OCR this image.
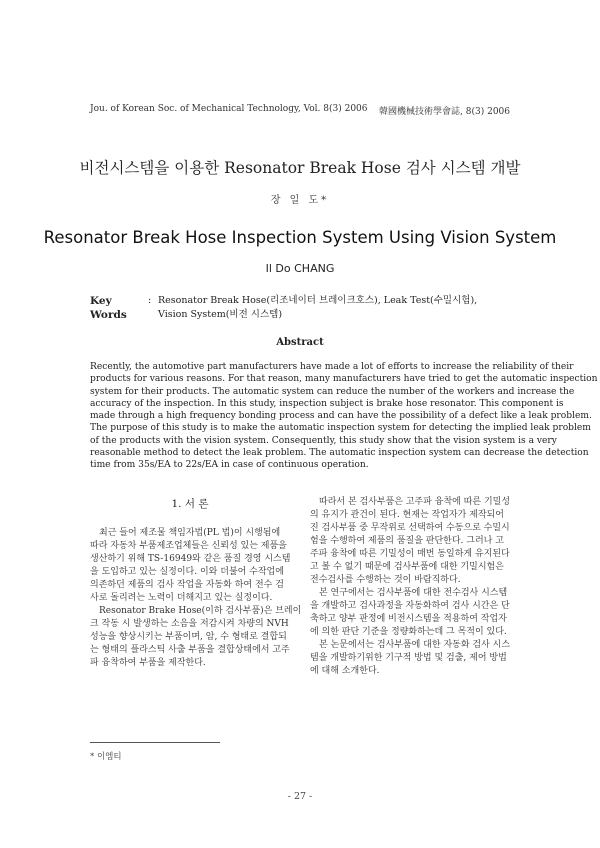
Jou. of Korean Soc. of Mechanical Technology, Vol. 8(3) 2006 韓國機械技術學會誌, 8(3) 2006
비전시스템을 이용한 Resonator Break Hose 검사 시스템 개발
장 일 도*
Resonator Break Hose Inspection System Using Vision System
Il Do CHANG
Key Words: Resonator Break Hose(리조네이터 브레이크호스), Leak Test(수밀시험),
Vision System(비전 시스템)
Abstract
Recently, the automotive part manufacturers have made a lot of efforts to increase the reliability of their
products for various reasons. For that reason, many manufacturers have tried to get the automatic inspection
system for their products. The automatic system can reduce the number of the workers and increase the
accuracy of the inspection. In this study, inspection subject is brake hose resonator. This component is
made through a high frequency bonding process and can have the possibility of a defect like a leak problem.
The purpose of this study is to make the automatic inspection system for detecting the implied leak problem
of the products with the vision system. Consequently, this study show that the vision system is a very
reasonable method to detect the leak problem. The automatic inspection system can decrease the detection
time from 35s/EA to 22s/EA in case of continuous operation.
1. 서 론
최근 들어 제조물 책임자법(PL 법)이 시행됨에
따라 자동차 부품제조업체들은 신뢰성 있는 제품을
생산하기 위해 TS-16949와 같은 품질 경영 시스템
을 도입하고 있는 실정이다. 이와 더불어 수작업에
의존하던 제품의 검사 작업을 자동화 하여 전수 검
사로 돌리려는 노력이 더해지고 있는 실정이다.
Resonator Brake Hose(이하 검사부품)은 브레이
크 작동 시 발생하는 소음을 저감시켜 차량의 NVH
성능을 향상시키는 부품이며, 암, 수 형태로 결합되
는 형태의 플라스틱 사출 부품을 결합상태에서 고주
파 융착하여 부품을 제작한다.
따라서 본 검사부품은 고주파 융착에 따른 기밀성
의 유지가 관건이 된다. 현재는 작업자가 제작되어
진 검사부품 중 무작위로 선택하여 수동으로 수밀시
험을 수행하여 제품의 품질을 판단한다. 그러나 고
주파 융착에 따른 기밀성이 매번 동일하게 유지된다
고 볼 수 없기 때문에 검사부품에 대한 기밀시험은
전수검사를 수행하는 것이 바람직하다.
본 연구에서는 검사부품에 대한 전수검사 시스템
을 개발하고 검사과정을 자동화하여 검사 시간은 단
축하고 양부 판정에 비전시스템을 적용하여 작업자
에 의한 판단 기준을 정량화하는데 그 목적이 있다.
본 논문에서는 검사부품에 대한 자동화 검사 시스
템을 개발하기위한 기구적 방법 및 검출, 제어 방법
에 대해 소개한다.
* 이엠티
- 27 -
